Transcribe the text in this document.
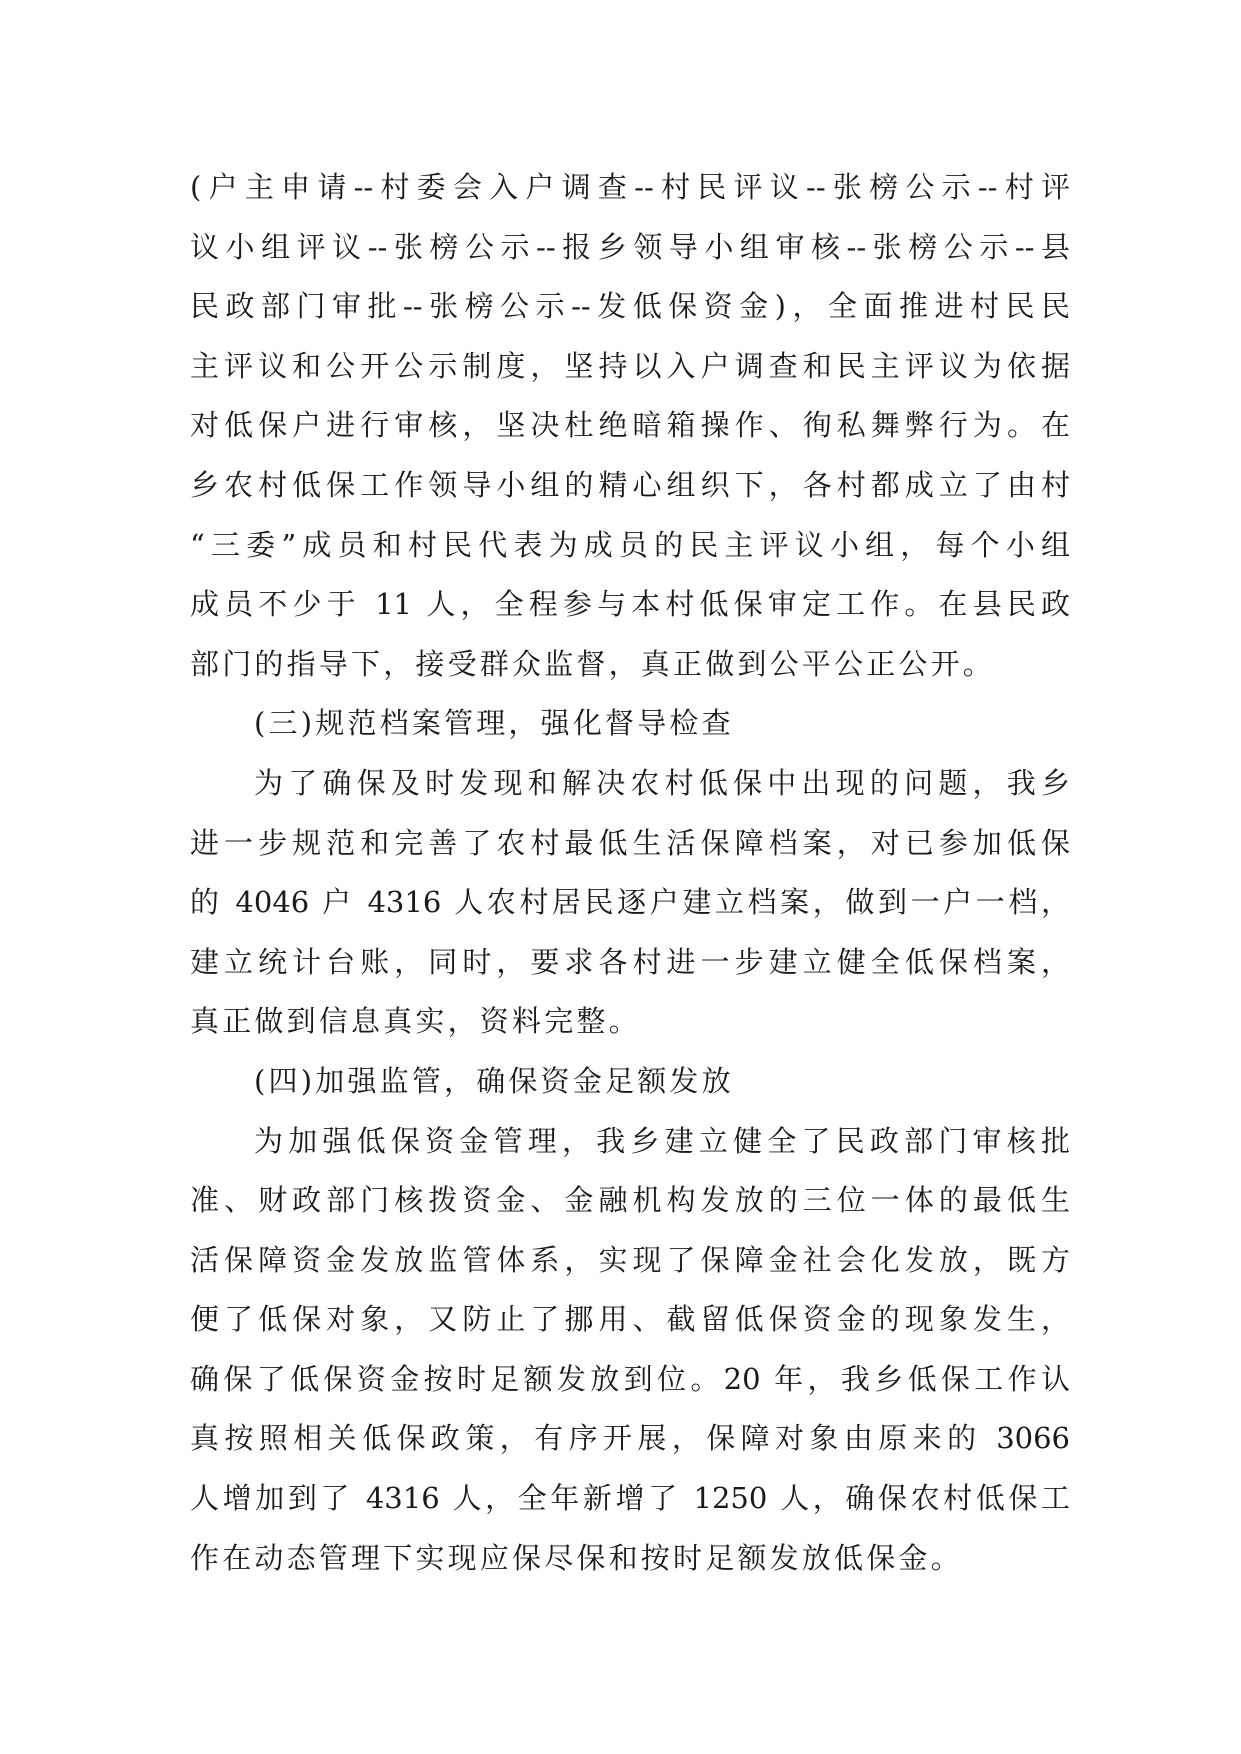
(户主申请--村委会入户调查--村民评议--张榜公示--村评
议小组评议--张榜公示--报乡领导小组审核--张榜公示--县
民政部门审批--张榜公示--发低保资金)，全面推进村民民
主评议和公开公示制度，坚持以入户调查和民主评议为依据
对低保户进行审核，坚决杜绝暗箱操作、徇私舞弊行为。在
乡农村低保工作领导小组的精心组织下，各村都成立了由村
“三委”成员和村民代表为成员的民主评议小组，每个小组
成员不少于 11 人，全程参与本村低保审定工作。在县民政
部门的指导下，接受群众监督，真正做到公平公正公开。
(三)规范档案管理，强化督导检查
为了确保及时发现和解决农村低保中出现的问题，我乡
进一步规范和完善了农村最低生活保障档案，对已参加低保
的 4046 户 4316 人农村居民逐户建立档案，做到一户一档，
建立统计台账，同时，要求各村进一步建立健全低保档案，
真正做到信息真实，资料完整。
(四)加强监管，确保资金足额发放
为加强低保资金管理，我乡建立健全了民政部门审核批
准、财政部门核拨资金、金融机构发放的三位一体的最低生
活保障资金发放监管体系，实现了保障金社会化发放，既方
便了低保对象，又防止了挪用、截留低保资金的现象发生，
确保了低保资金按时足额发放到位。20 年，我乡低保工作认
真按照相关低保政策，有序开展，保障对象由原来的 3066
人增加到了 4316 人，全年新增了 1250 人，确保农村低保工
作在动态管理下实现应保尽保和按时足额发放低保金。
